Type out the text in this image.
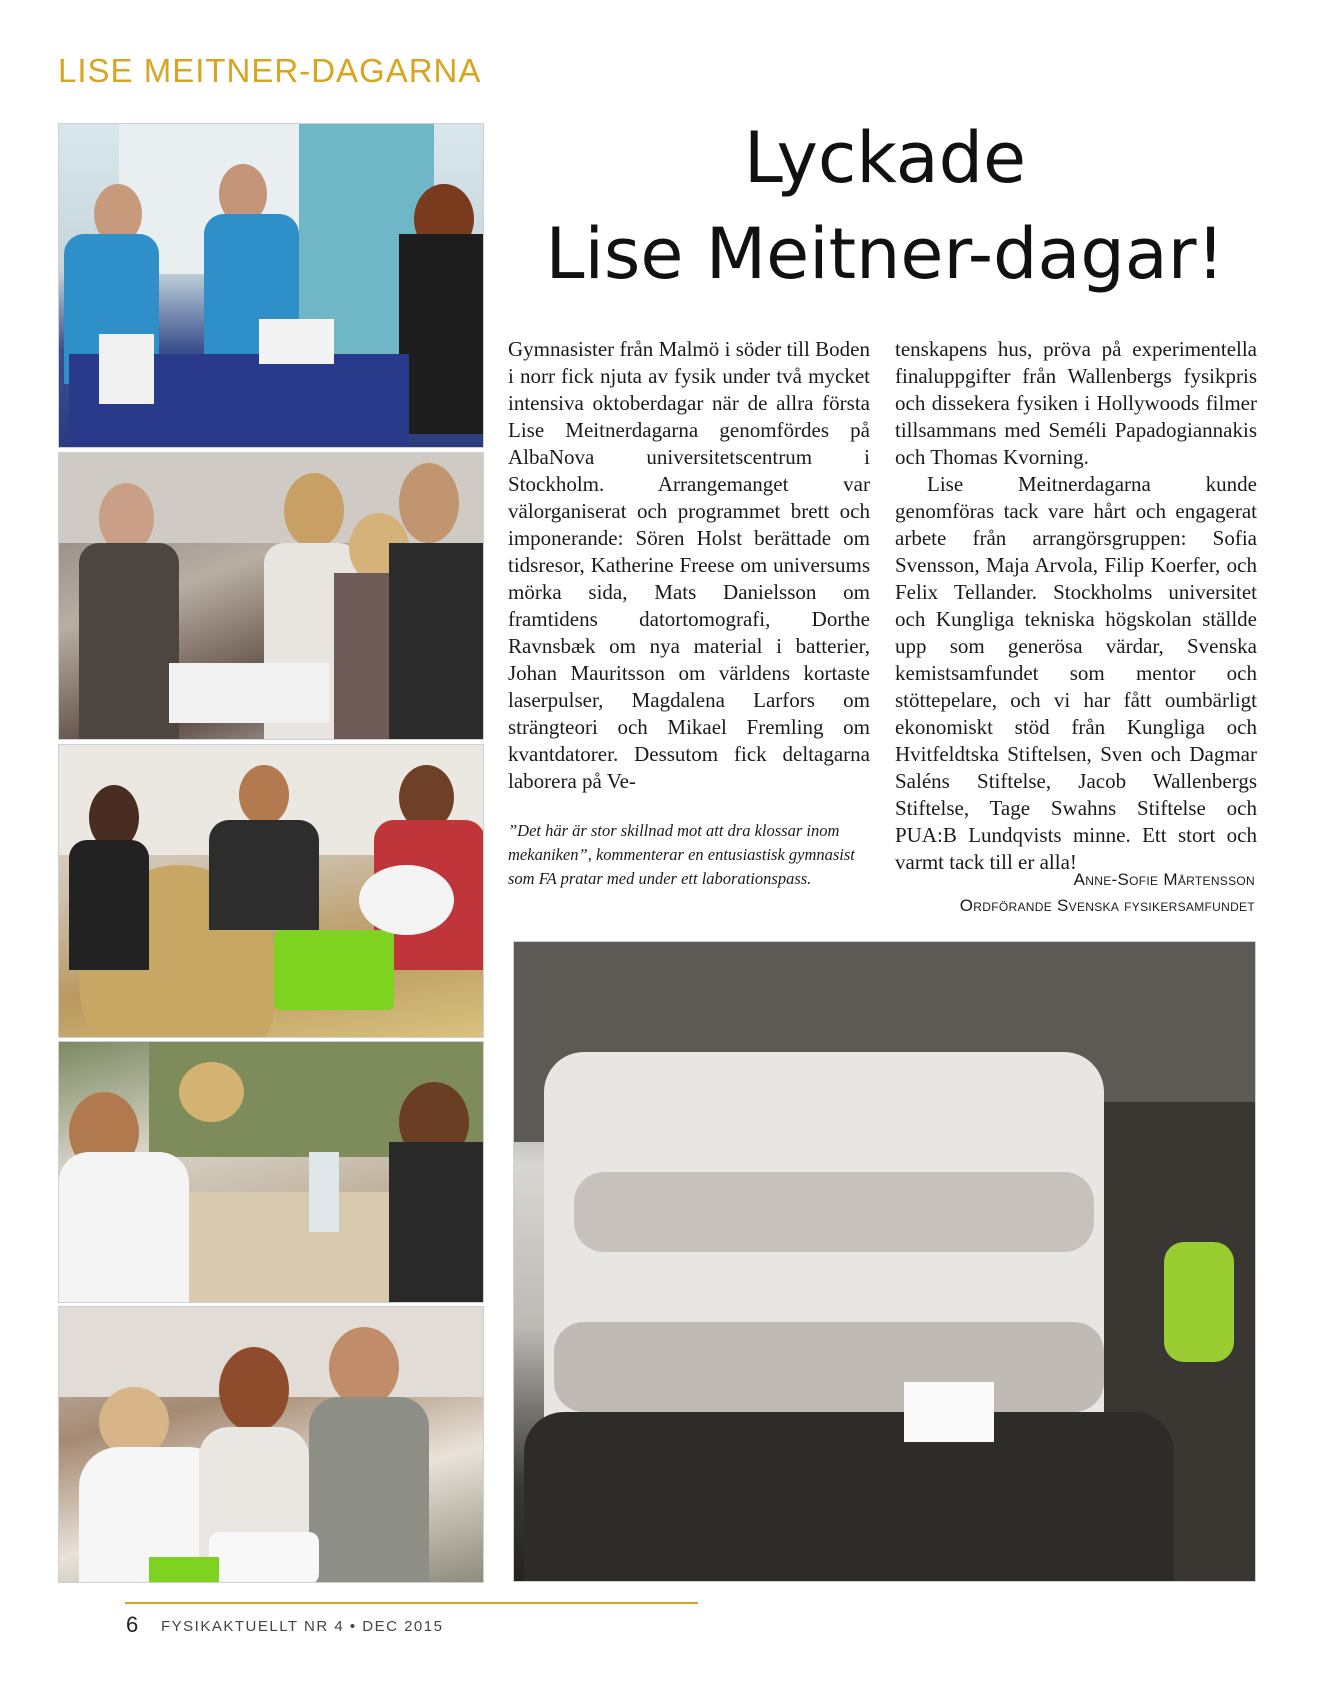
LISE MEITNER-DAGARNA
Lyckade
Lise Meitner-dagar!

Gymnasister från Malmö i söder till Boden i norr fick njuta av fysik under två mycket intensiva oktoberdagar när de allra första Lise Meitnerdagarna genomfördes på AlbaNova universitetscentrum i Stockholm. Arrangemanget var välorganiserat och programmet brett och imponerande: Sören Holst berättade om tidsresor, Katherine Freese om universums mörka sida, Mats Danielsson om framtidens datortomografi, Dorthe Ravnsbæk om nya material i batterier, Johan Mauritsson om världens kortaste laserpulser, Magdalena Larfors om strängteori och Mikael Fremling om kvantdatorer. Dessutom fick deltagarna laborera på Ve-

tenskapens hus, pröva på experimentella finaluppgifter från Wallenbergs fysikpris och dissekera fysiken i Hollywoods filmer tillsammans med Seméli Papadogiannakis och Thomas Kvorning.

Lise Meitnerdagarna kunde genomföras tack vare hårt och engagerat arbete från arrangörsgruppen: Sofia Svensson, Maja Arvola, Filip Koerfer, och Felix Tellander. Stockholms universitet och Kungliga tekniska högskolan ställde upp som generösa värdar, Svenska kemistsamfundet som mentor och stöttepelare, och vi har fått oumbärligt ekonomiskt stöd från Kungliga och Hvitfeldtska Stiftelsen, Sven och Dagmar Saléns Stiftelse, Jacob Wallenbergs Stiftelse, Tage Swahns Stiftelse och PUA:B Lundqvists minne. Ett stort och varmt tack till er alla!

”Det här är stor skillnad mot att dra klossar inom mekaniken”, kommenterar en entusiastisk gymnasist som FA pratar med under ett laborationspass.	Anne-Sofie Mårtensson
Ordförande Svenska fysikersamfundet
6 FYSIKAKTUELLT NR 4 • DEC 2015
